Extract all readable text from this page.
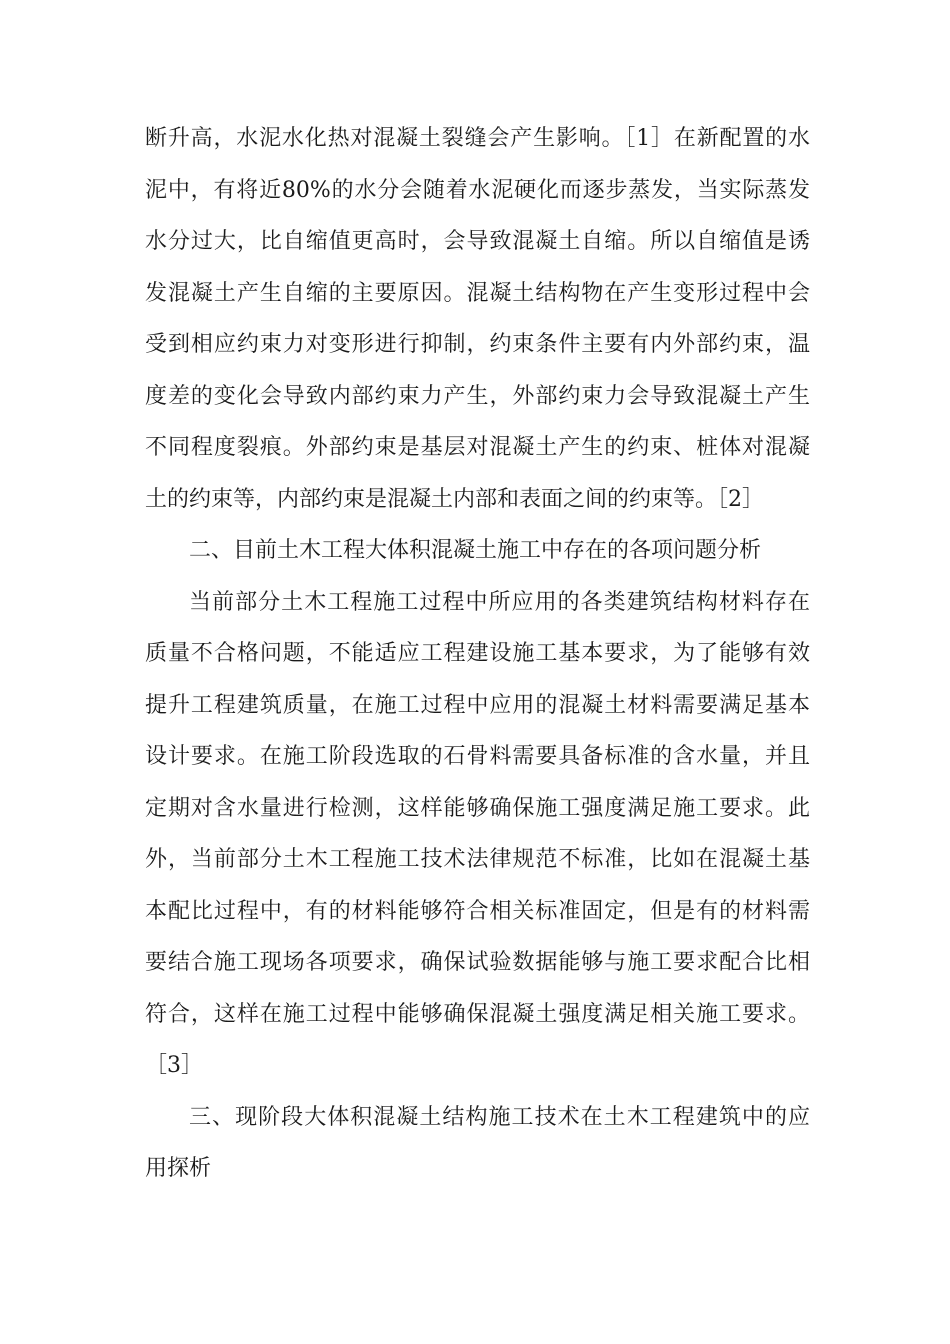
断升高，水泥水化热对混凝土裂缝会产生影响。［1］在新配置的水
泥中，有将近80%的水分会随着水泥硬化而逐步蒸发，当实际蒸发
水分过大，比自缩值更高时，会导致混凝土自缩。所以自缩值是诱
发混凝土产生自缩的主要原因。混凝土结构物在产生变形过程中会
受到相应约束力对变形进行抑制，约束条件主要有内外部约束，温
度差的变化会导致内部约束力产生，外部约束力会导致混凝土产生
不同程度裂痕。外部约束是基层对混凝土产生的约束、桩体对混凝
土的约束等，内部约束是混凝土内部和表面之间的约束等。［2］
二、目前土木工程大体积混凝土施工中存在的各项问题分析
当前部分土木工程施工过程中所应用的各类建筑结构材料存在
质量不合格问题，不能适应工程建设施工基本要求，为了能够有效
提升工程建筑质量，在施工过程中应用的混凝土材料需要满足基本
设计要求。在施工阶段选取的石骨料需要具备标准的含水量，并且
定期对含水量进行检测，这样能够确保施工强度满足施工要求。此
外，当前部分土木工程施工技术法律规范不标准，比如在混凝土基
本配比过程中，有的材料能够符合相关标准固定，但是有的材料需
要结合施工现场各项要求，确保试验数据能够与施工要求配合比相
符合，这样在施工过程中能够确保混凝土强度满足相关施工要求。
［3］
三、现阶段大体积混凝土结构施工技术在土木工程建筑中的应
用探析
